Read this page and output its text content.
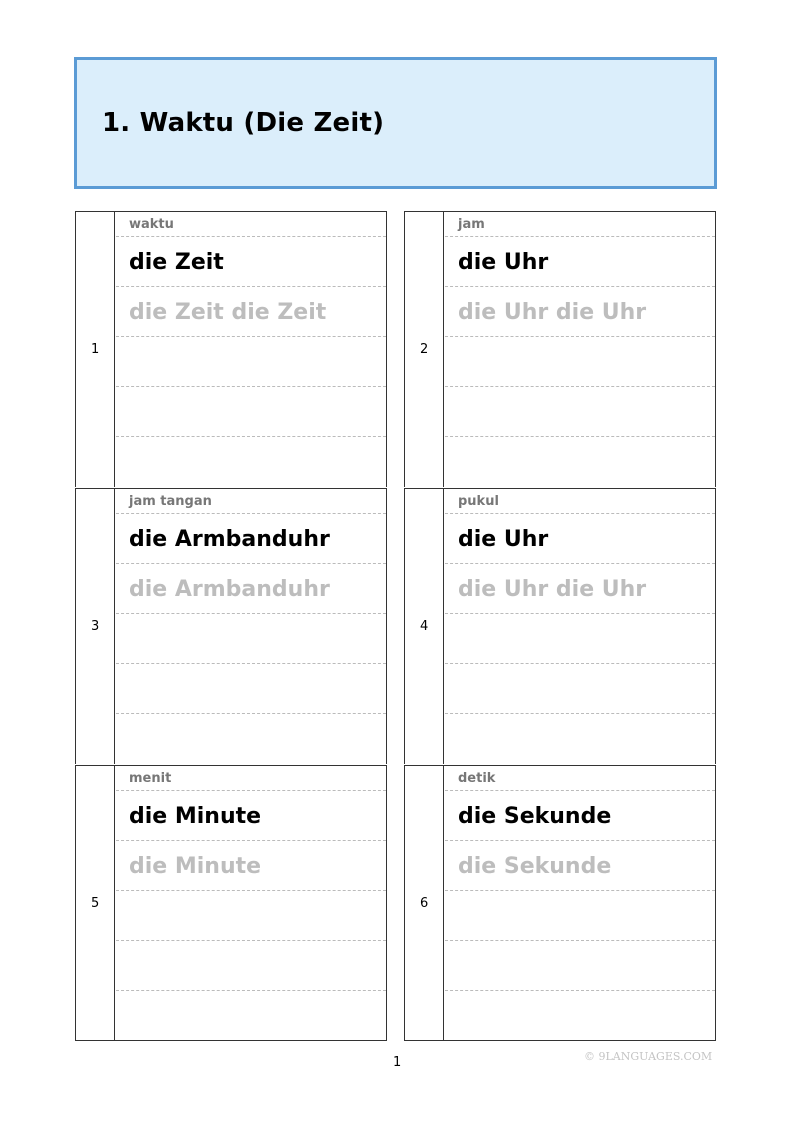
1. Waktu (Die Zeit)
1
waktu
die Zeit
die Zeit die Zeit
2
jam
die Uhr
die Uhr die Uhr
3
jam tangan
die Armbanduhr
die Armbanduhr
4
pukul
die Uhr
die Uhr die Uhr
5
menit
die Minute
die Minute
6
detik
die Sekunde
die Sekunde
1	© 9LANGUAGES.COM
